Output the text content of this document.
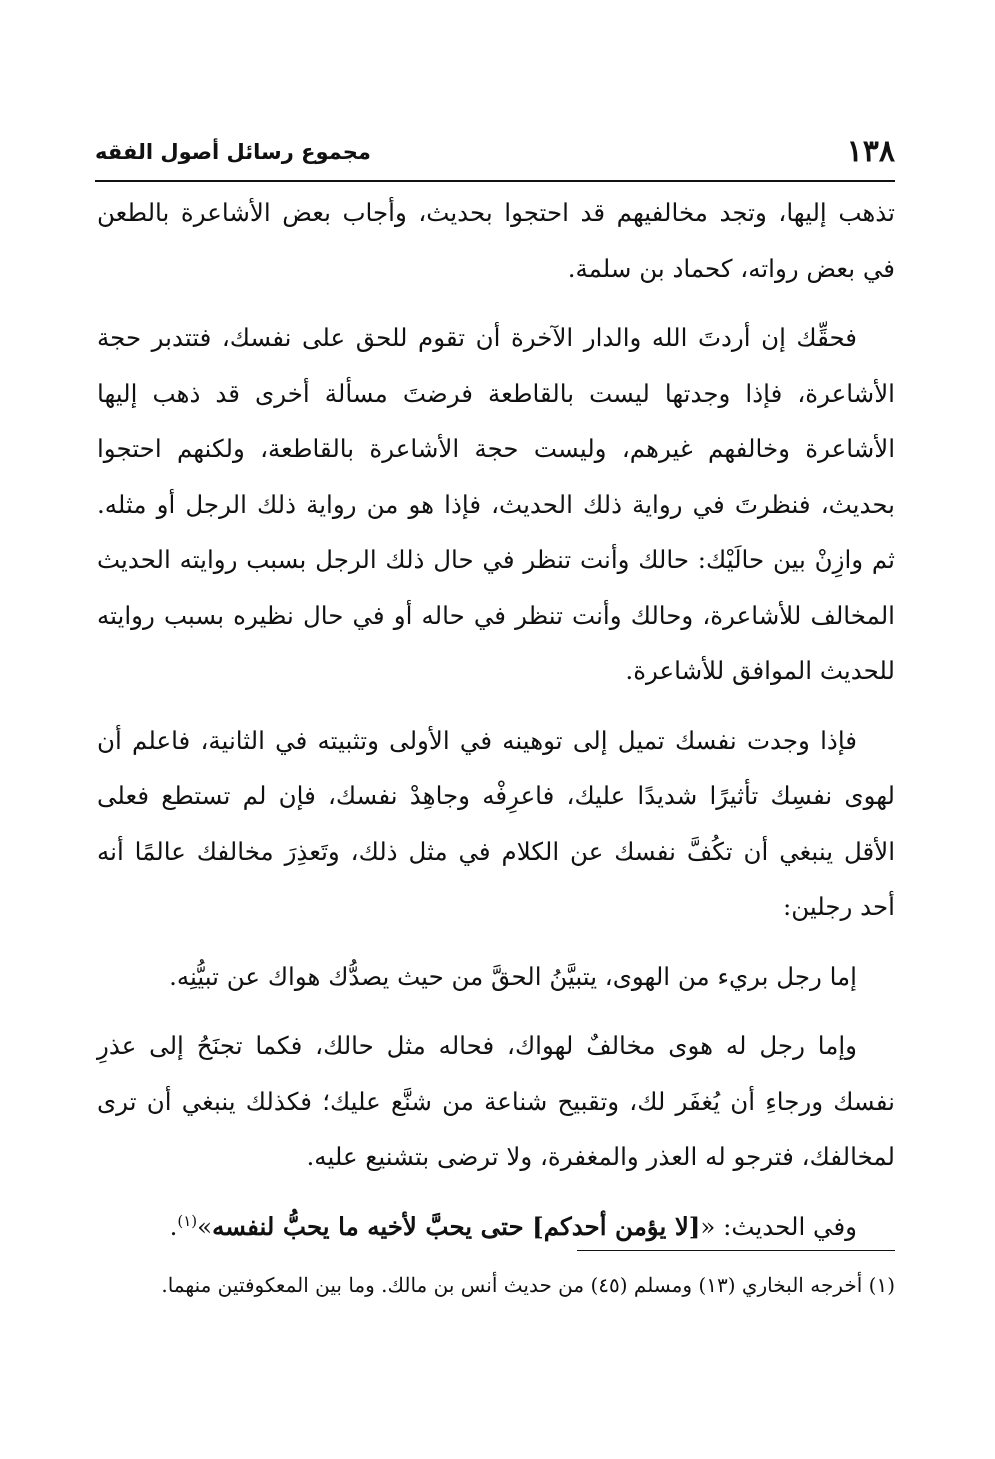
١٣٨
مجموع رسائل أصول الفقه

تذهب إليها، وتجد مخالفيهم قد احتجوا بحديث، وأجاب بعض الأشاعرة بالطعن في بعض رواته، كحماد بن سلمة.

فحقِّك إن أردتَ الله والدار الآخرة أن تقوم للحق على نفسك، فتتدبر حجة الأشاعرة، فإذا وجدتها ليست بالقاطعة فرضتَ مسألة أخرى قد ذهب إليها الأشاعرة وخالفهم غيرهم، وليست حجة الأشاعرة بالقاطعة، ولكنهم احتجوا بحديث، فنظرتَ في رواية ذلك الحديث، فإذا هو من رواية ذلك الرجل أو مثله. ثم وازِنْ بين حالَيْك: حالك وأنت تنظر في حال ذلك الرجل بسبب روايته الحديث المخالف للأشاعرة، وحالك وأنت تنظر في حاله أو في حال نظيره بسبب روايته للحديث الموافق للأشاعرة.

فإذا وجدت نفسك تميل إلى توهينه في الأولى وتثبيته في الثانية، فاعلم أن لهوى نفسِك تأثيرًا شديدًا عليك، فاعرِفْه وجاهِدْ نفسك، فإن لم تستطع فعلى الأقل ينبغي أن تكُفَّ نفسك عن الكلام في مثل ذلك، وتَعذِرَ مخالفك عالمًا أنه أحد رجلين:

إما رجل بريء من الهوى، يتبيَّنُ الحقَّ من حيث يصدُّك هواك عن تبيُّنِه.

وإما رجل له هوى مخالفٌ لهواك، فحاله مثل حالك، فكما تجنَحُ إلى عذرِ نفسك ورجاءِ أن يُغفَر لك، وتقبيح شناعة من شنَّع عليك؛ فكذلك ينبغي أن ترى لمخالفك، فترجو له العذر والمغفرة، ولا ترضى بتشنيع عليه.

وفي الحديث: «[لا يؤمن أحدكم] حتى يحبَّ لأخيه ما يحبُّ لنفسه»$^{(١)}$.

(١) أخرجه البخاري (١٣) ومسلم (٤٥) من حديث أنس بن مالك. وما بين المعكوفتين منهما.
